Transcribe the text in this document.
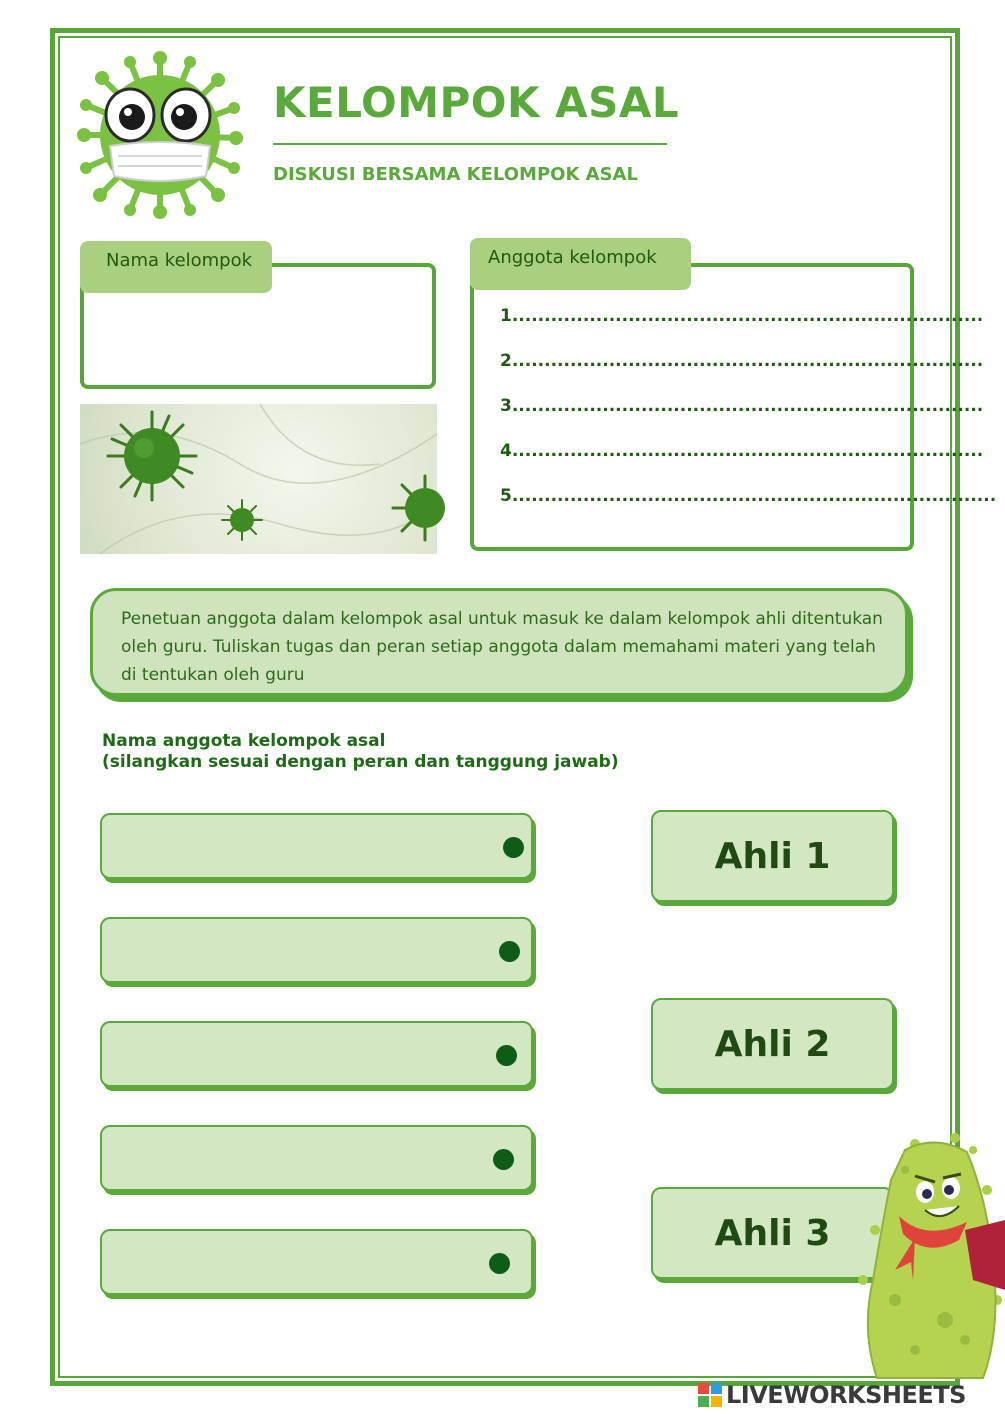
KELOMPOK ASAL
DISKUSI BERSAMA KELOMPOK ASAL
Nama kelompok	Anggota kelompok
1.........................................................................
2.........................................................................
3.........................................................................
4.........................................................................
5...........................................................................
Penetuan anggota dalam kelompok asal untuk masuk ke dalam kelompok ahli ditentukan oleh guru. Tuliskan tugas dan peran setiap anggota dalam memahami materi yang telah di tentukan oleh guru
Nama anggota kelompok asal
(silangkan sesuai dengan peran dan tanggung jawab)
Ahli 1
Ahli 2
Ahli 3
LIVEWORKSHEETS
